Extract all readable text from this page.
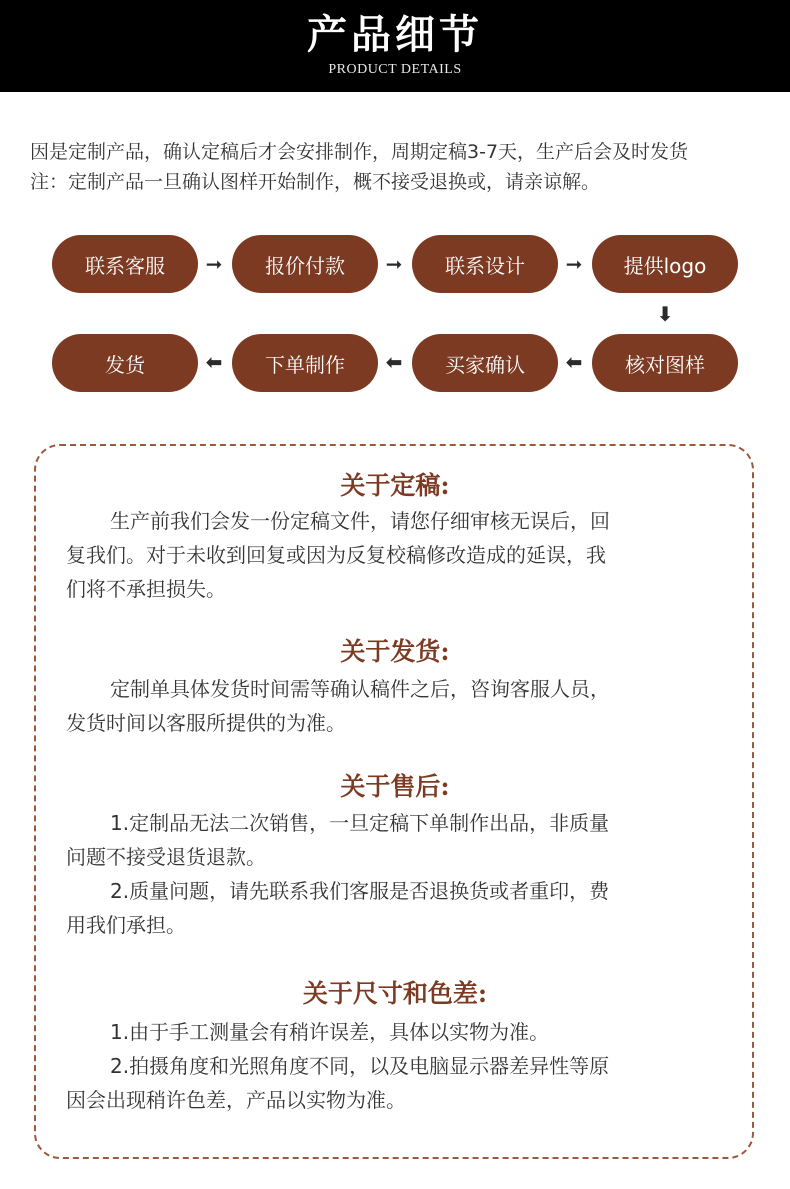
产品细节
PRODUCT DETAILS
因是定制产品，确认定稿后才会安排制作，周期定稿3-7天，生产后会及时发货
注：定制产品一旦确认图样开始制作，概不接受退换或，请亲谅解。
联系客服	➞	报价付款	➞	联系设计	➞	提供logo
⬇
发货	⬅	下单制作	⬅	买家确认	⬅	核对图样
关于定稿:
生产前我们会发一份定稿文件，请您仔细审核无误后，回
复我们。对于未收到回复或因为反复校稿修改造成的延误，我
们将不承担损失。
关于发货:
定制单具体发货时间需等确认稿件之后，咨询客服人员，
发货时间以客服所提供的为准。
关于售后:
1.定制品无法二次销售，一旦定稿下单制作出品，非质量
问题不接受退货退款。
2.质量问题，请先联系我们客服是否退换货或者重印，费
用我们承担。
关于尺寸和色差:
1.由于手工测量会有稍许误差，具体以实物为准。
2.拍摄角度和光照角度不同，以及电脑显示器差异性等原
因会出现稍许色差，产品以实物为准。
